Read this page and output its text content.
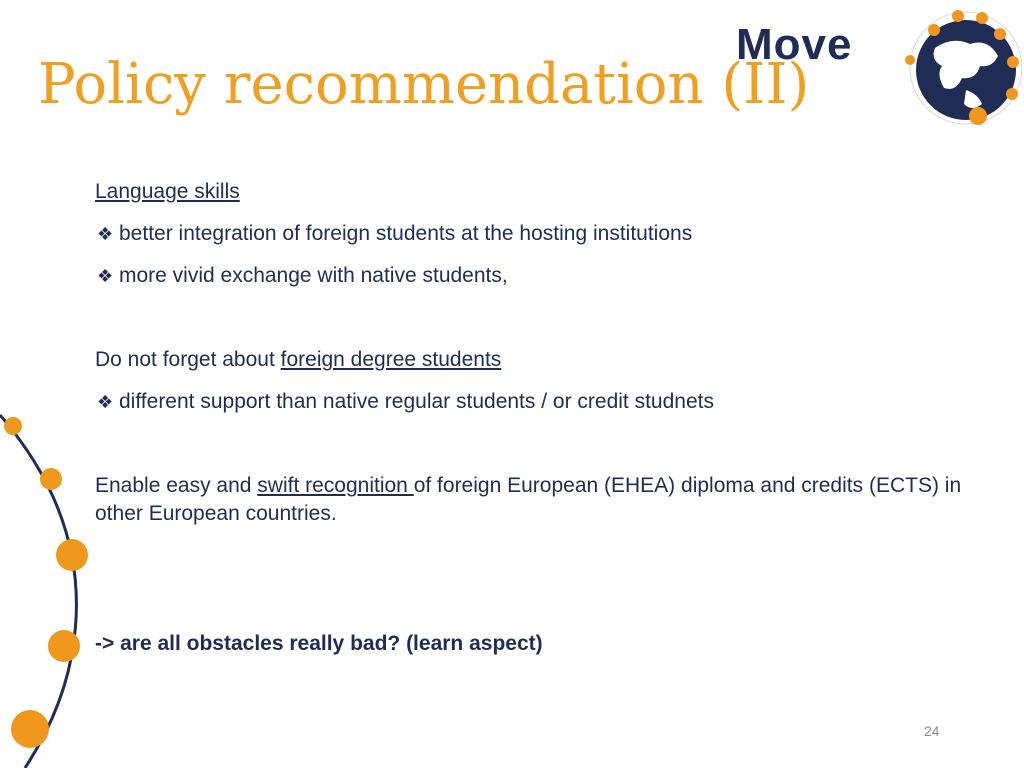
Policy recommendation (II)
Move
Language skills
❖ better integration of foreign students at the hosting institutions
❖ more vivid exchange with native students,
Do not forget about foreign degree students
❖ different support than native regular students / or credit studnets
Enable easy and swift recognition of foreign European (EHEA) diploma and credits (ECTS) in other European countries.
-> are all obstacles really bad? (learn aspect)
24
